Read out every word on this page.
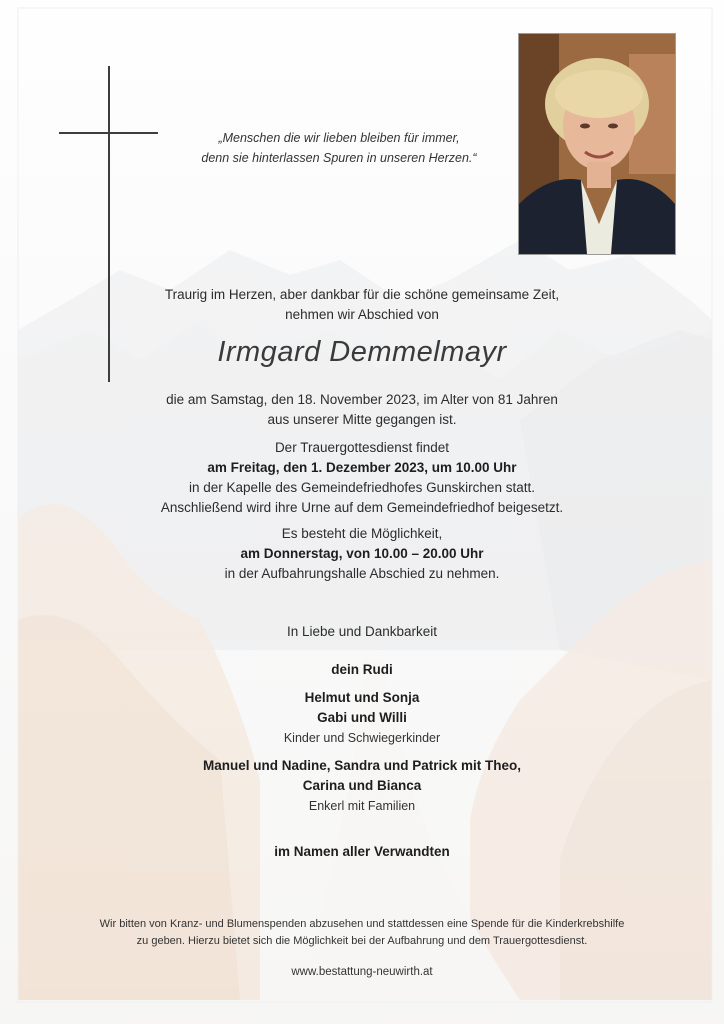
„Menschen die wir lieben bleiben für immer,
denn sie hinterlassen Spuren in unseren Herzen.“
Traurig im Herzen, aber dankbar für die schöne gemeinsame Zeit,
nehmen wir Abschied von
Irmgard Demmelmayr
die am Samstag, den 18. November 2023, im Alter von 81 Jahren
aus unserer Mitte gegangen ist.
Der Trauergottesdienst findet
am Freitag, den 1. Dezember 2023, um 10.00 Uhr
in der Kapelle des Gemeindefriedhofes Gunskirchen statt.
Anschließend wird ihre Urne auf dem Gemeindefriedhof beigesetzt.
Es besteht die Möglichkeit,
am Donnerstag, von 10.00 – 20.00 Uhr
in der Aufbahrungshalle Abschied zu nehmen.
In Liebe und Dankbarkeit
dein Rudi
Helmut und Sonja
Gabi und Willi
Kinder und Schwiegerkinder
Manuel und Nadine, Sandra und Patrick mit Theo,
Carina und Bianca
Enkerl mit Familien
im Namen aller Verwandten
Wir bitten von Kranz- und Blumenspenden abzusehen und stattdessen eine Spende für die Kinderkrebshilfe
zu geben. Hierzu bietet sich die Möglichkeit bei der Aufbahrung und dem Trauergottesdienst.
www.bestattung-neuwirth.at
